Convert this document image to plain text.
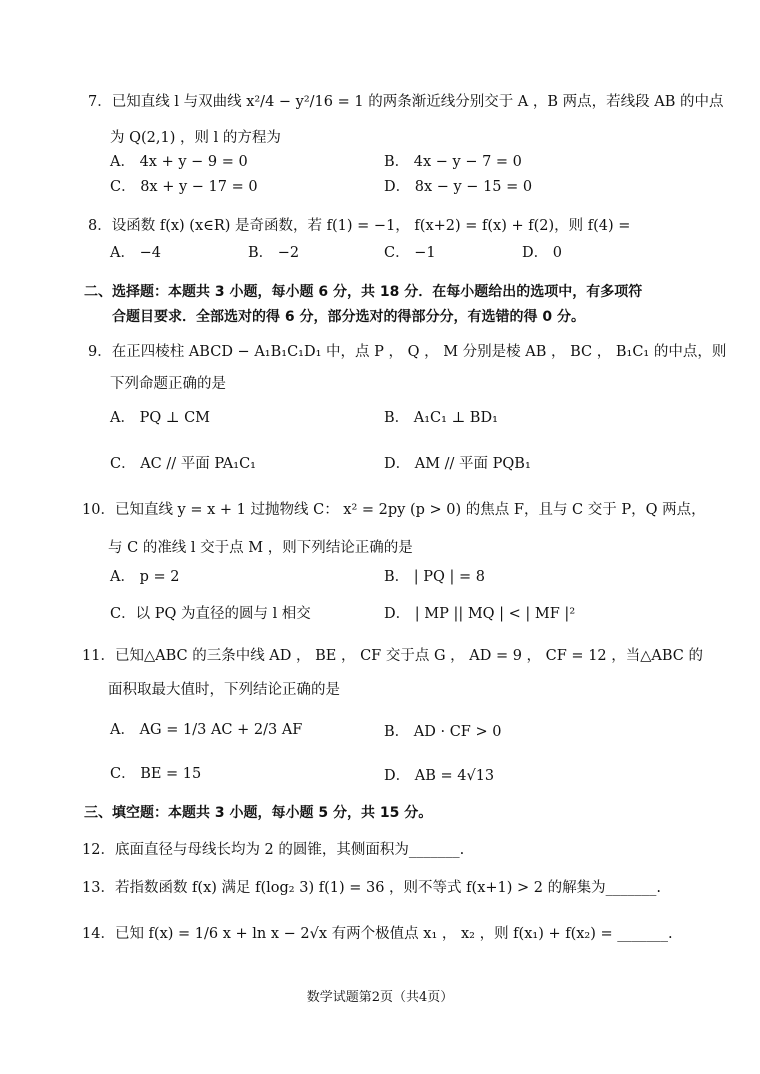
7．已知直线 l 与双曲线 x²/4 − y²/16 = 1 的两条渐近线分别交于 A ，B 两点，若线段 AB 的中点
为 Q(2,1) ，则 l 的方程为
A． 4x + y − 9 = 0	B． 4x − y − 7 = 0
C． 8x + y − 17 = 0	D． 8x − y − 15 = 0
8．设函数 f(x) (x∈R) 是奇函数，若 f(1) = −1， f(x+2) = f(x) + f(2)，则 f(4) =
A． −4	B． −2	C． −1	D． 0
二、选择题：本题共 3 小题，每小题 6 分，共 18 分．在每小题给出的选项中，有多项符
合题目要求．全部选对的得 6 分，部分选对的得部分分，有选错的得 0 分。
9．在正四棱柱 ABCD − A₁B₁C₁D₁ 中，点 P ， Q ， M 分别是棱 AB ， BC ， B₁C₁ 的中点，则
下列命题正确的是
A． PQ ⊥ CM	B． A₁C₁ ⊥ BD₁
C． AC // 平面 PA₁C₁	D． AM // 平面 PQB₁
10．已知直线 y = x + 1 过抛物线 C： x² = 2py (p > 0) 的焦点 F，且与 C 交于 P，Q 两点，
与 C 的准线 l 交于点 M ，则下列结论正确的是
A． p = 2	B． | PQ | = 8
C．以 PQ 为直径的圆与 l 相交	D． | MP || MQ | < | MF |²
11．已知△ABC 的三条中线 AD ， BE ， CF 交于点 G ， AD = 9 ， CF = 12 ，当△ABC 的
面积取最大值时，下列结论正确的是
A． AG = 1/3 AC + 2/3 AF	B． AD · CF > 0
C． BE = 15	D． AB = 4√13
三、填空题：本题共 3 小题，每小题 5 分，共 15 分。
12．底面直径与母线长均为 2 的圆锥，其侧面积为_______.
13．若指数函数 f(x) 满足 f(log₂ 3) f(1) = 36 ，则不等式 f(x+1) > 2 的解集为_______.
14．已知 f(x) = 1/6 x + ln x − 2√x 有两个极值点 x₁ ， x₂ ，则 f(x₁) + f(x₂) = _______.
数学试题第2页（共4页）
